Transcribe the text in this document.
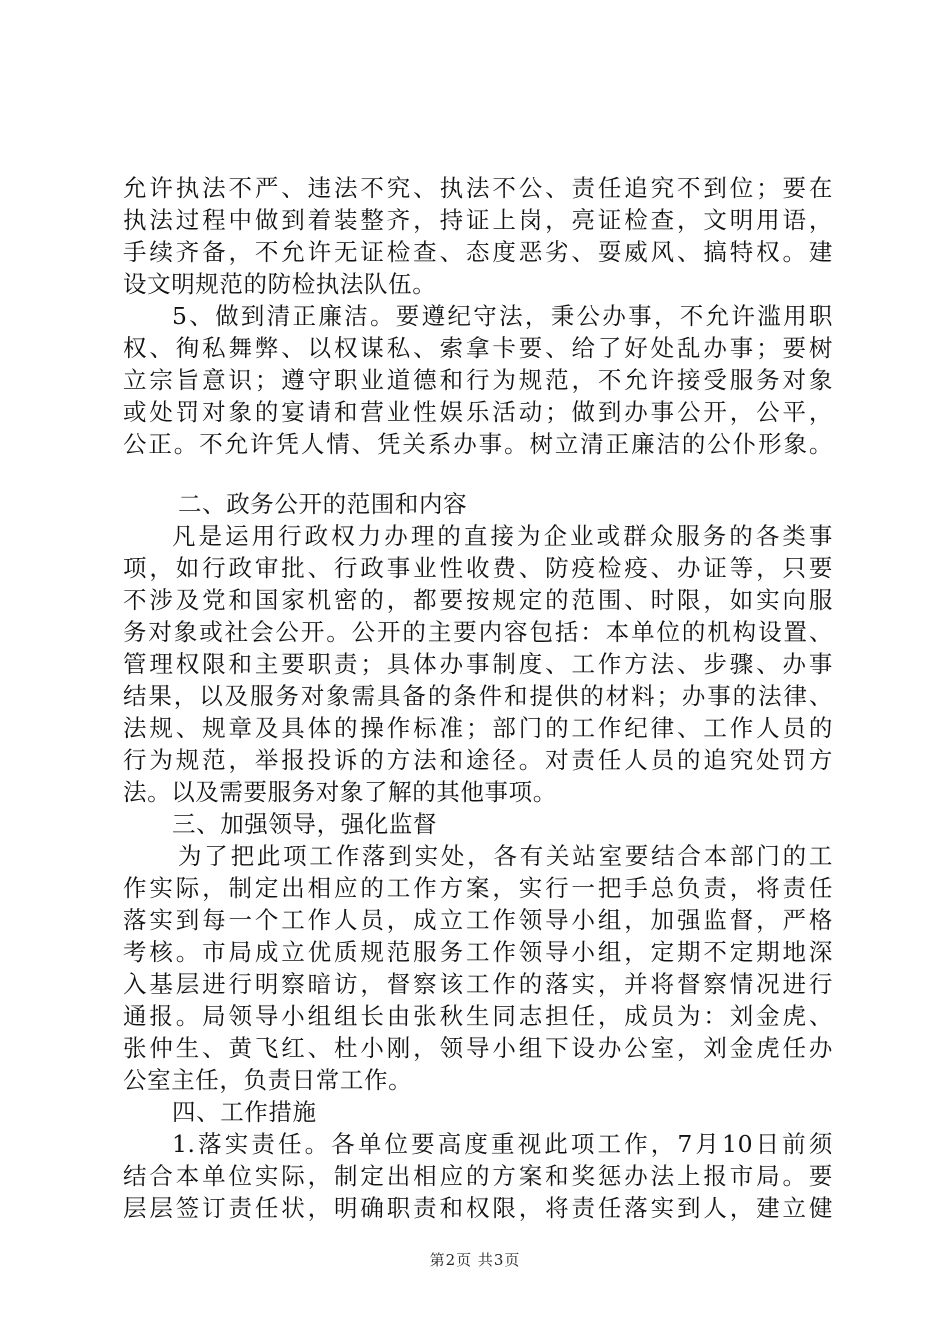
允许执法不严、违法不究、执法不公、责任追究不到位；要在
执法过程中做到着装整齐，持证上岗，亮证检查，文明用语，
手续齐备，不允许无证检查、态度恶劣、耍威风、搞特权。建
设文明规范的防检执法队伍。
5、做到清正廉洁。要遵纪守法，秉公办事，不允许滥用职
权、徇私舞弊、以权谋私、索拿卡要、给了好处乱办事；要树
立宗旨意识；遵守职业道德和行为规范，不允许接受服务对象
或处罚对象的宴请和营业性娱乐活动；做到办事公开，公平，
公正。不允许凭人情、凭关系办事。树立清正廉洁的公仆形象。
二、政务公开的范围和内容
凡是运用行政权力办理的直接为企业或群众服务的各类事
项，如行政审批、行政事业性收费、防疫检疫、办证等，只要
不涉及党和国家机密的，都要按规定的范围、时限，如实向服
务对象或社会公开。公开的主要内容包括：本单位的机构设置、
管理权限和主要职责；具体办事制度、工作方法、步骤、办事
结果，以及服务对象需具备的条件和提供的材料；办事的法律、
法规、规章及具体的操作标准；部门的工作纪律、工作人员的
行为规范，举报投诉的方法和途径。对责任人员的追究处罚方
法。以及需要服务对象了解的其他事项。
三、加强领导，强化监督
为了把此项工作落到实处，各有关站室要结合本部门的工
作实际，制定出相应的工作方案，实行一把手总负责，将责任
落实到每一个工作人员，成立工作领导小组，加强监督，严格
考核。市局成立优质规范服务工作领导小组，定期不定期地深
入基层进行明察暗访，督察该工作的落实，并将督察情况进行
通报。局领导小组组长由张秋生同志担任，成员为：刘金虎、
张仲生、黄飞红、杜小刚，领导小组下设办公室，刘金虎任办
公室主任，负责日常工作。
四、工作措施
1.落实责任。各单位要高度重视此项工作，7月10日前须
结合本单位实际，制定出相应的方案和奖惩办法上报市局。要
层层签订责任状，明确职责和权限，将责任落实到人，建立健
第2页 共3页
